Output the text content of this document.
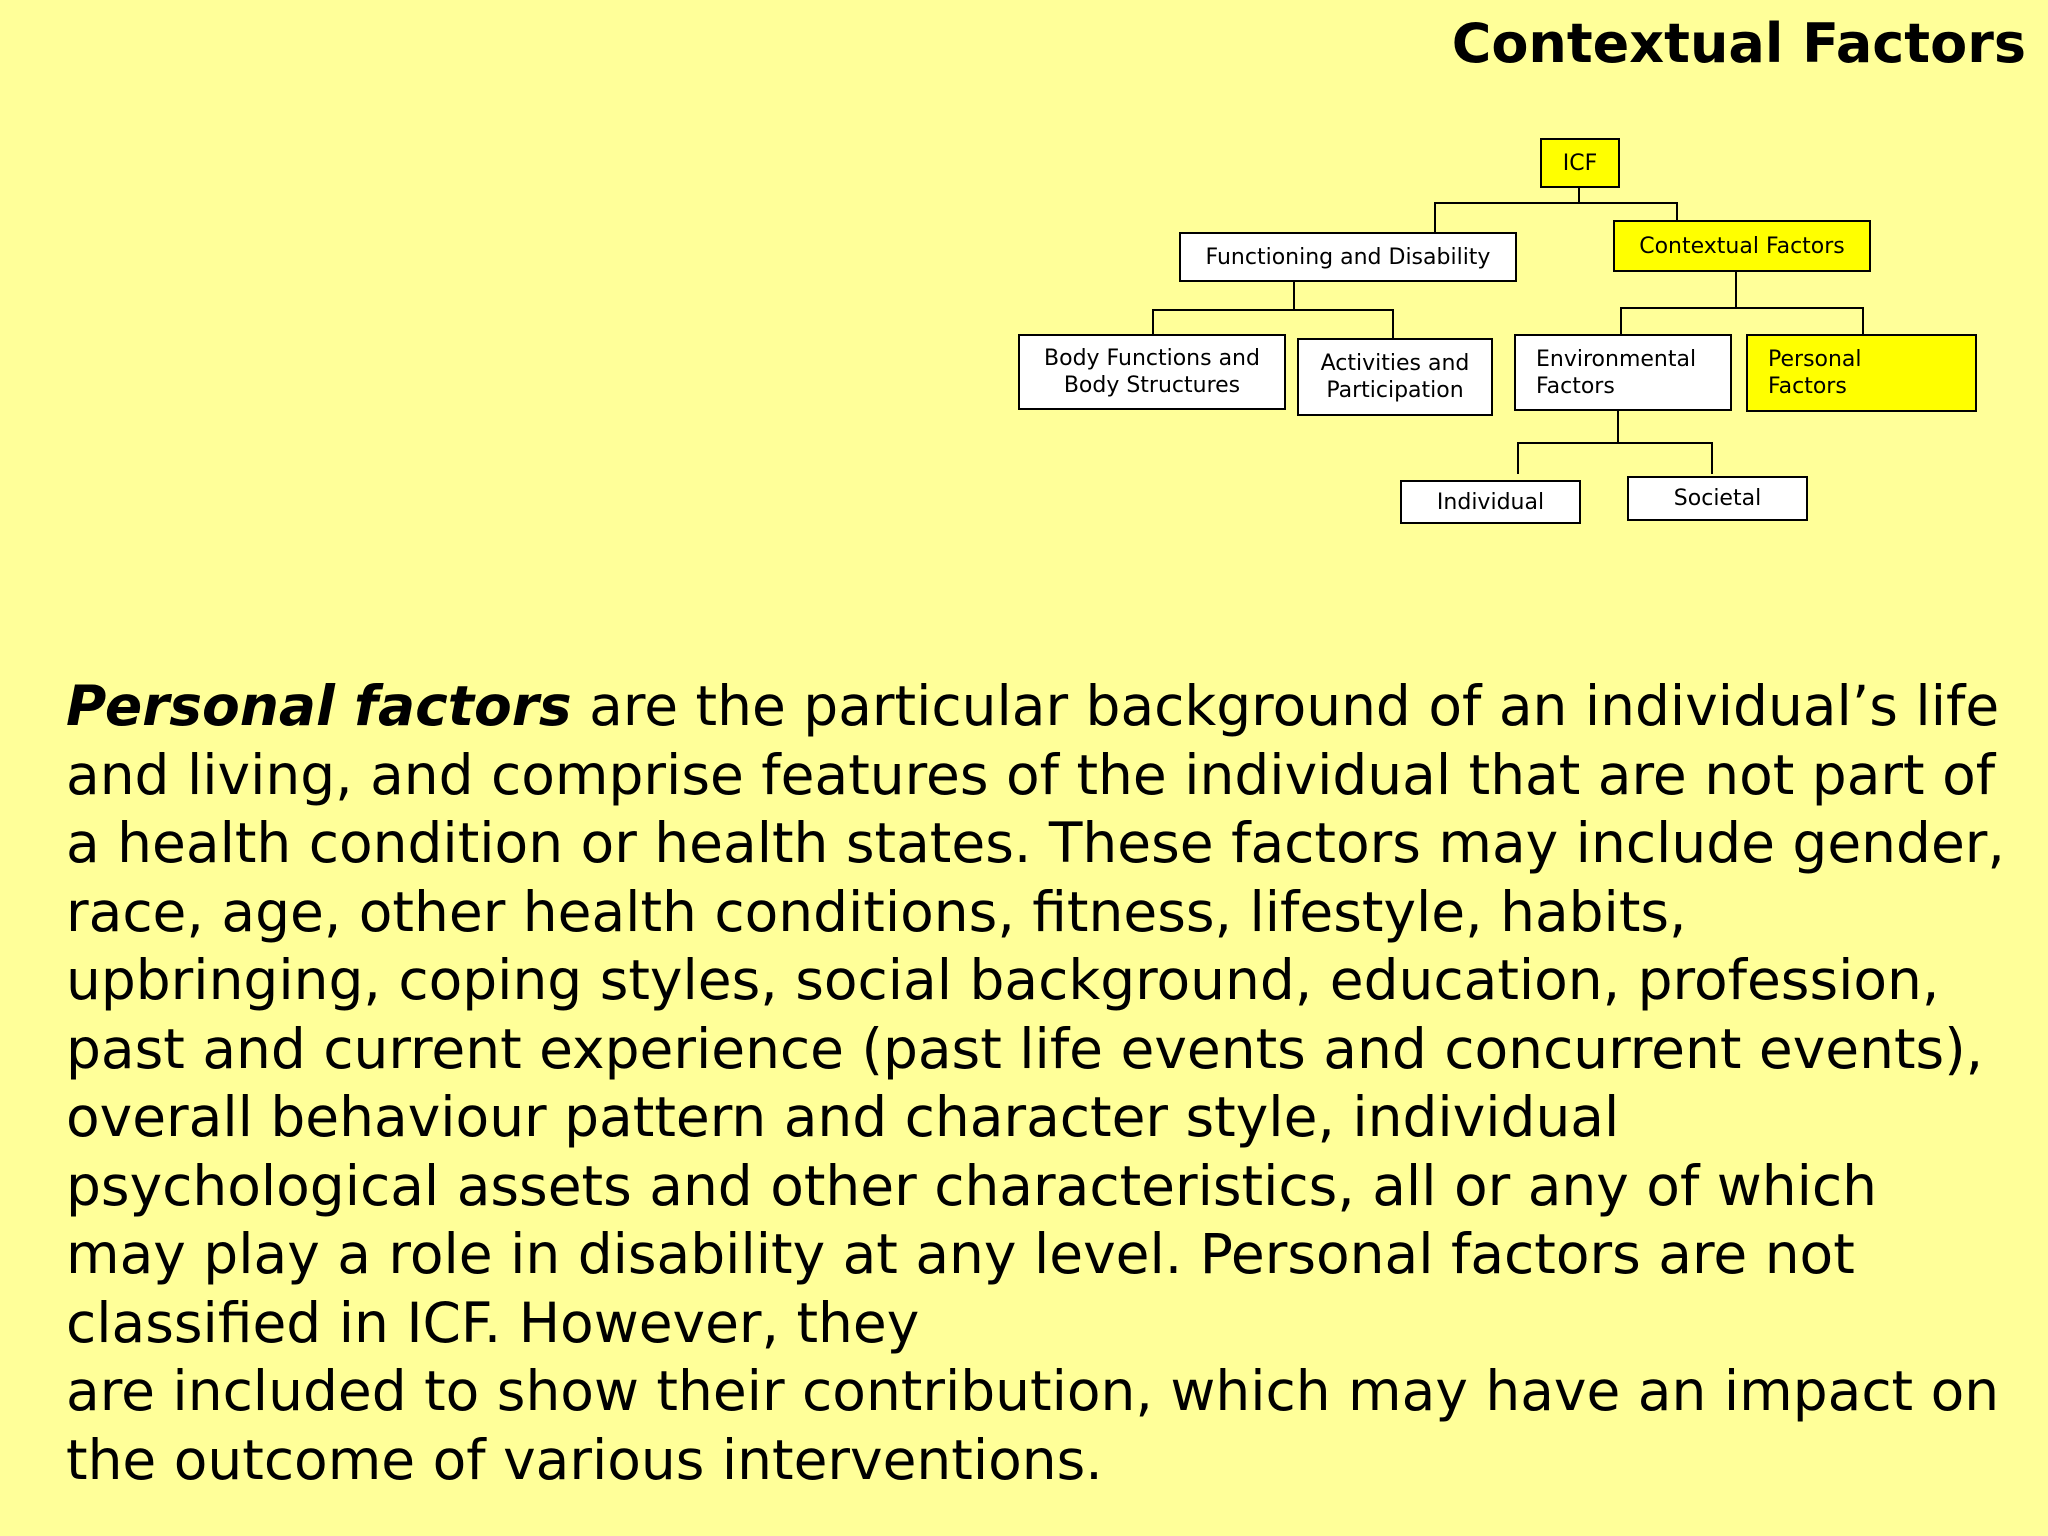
Contextual Factors
ICF
Functioning and Disability	Contextual Factors
Body Functions and
Body Structures
Activities and
Participation
Environmental
Factors
Personal
Factors
Individual	Societal

Personal factors are the particular background of an individual’s life and living, and comprise features of the individual that are not part of a health condition or health states. These factors may include gender, race, age, other health conditions, fitness, lifestyle, habits, upbringing, coping styles, social background, education, profession, past and current experience (past life events and concurrent events), overall behaviour pattern and character style, individual psychological assets and other characteristics, all or any of which may play a role in disability at any level. Personal factors are not classified in ICF. However, they
are included to show their contribution, which may have an impact on the outcome of various interventions.
